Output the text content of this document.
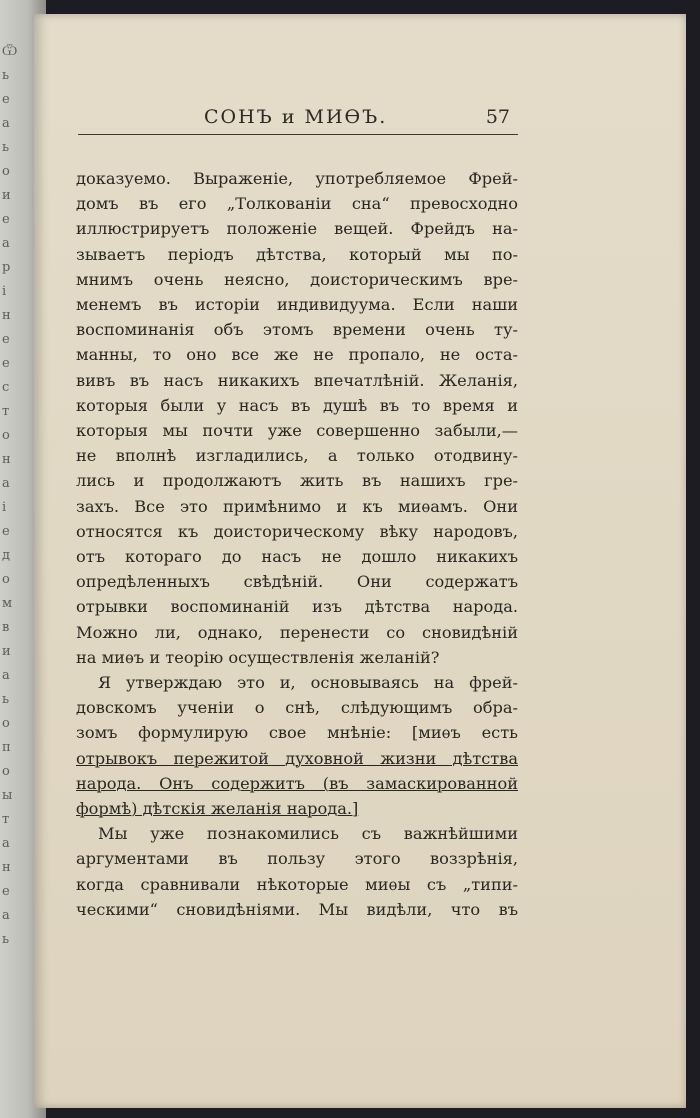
Ѿ
ь
е
а
ь
о
и
е
а
р
і
н
е
е
с
т
о
н
а
і
е
д
о
м
в
и
а
ь
о
п
о
ы
т
а
н
е
а
ь
СОНЪ и МИѲЪ.	57
доказуемо. Выраженіе, употребляемое Фрей-
домъ въ его „Толкованіи сна“ превосходно
иллюстрируетъ положеніе вещей. Фрейдъ на-
зываетъ періодъ дѣтства, который мы по-
мнимъ очень неясно, доисторическимъ вре-
менемъ въ исторіи индивидуума. Если наши
воспоминанія объ этомъ времени очень ту-
манны, то оно все же не пропало, не оста-
вивъ въ насъ никакихъ впечатлѣній. Желанія,
которыя были у насъ въ душѣ въ то время и
которыя мы почти уже совершенно забыли,—
не вполнѣ изгладились, а только отодвину-
лись и продолжаютъ жить въ нашихъ гре-
захъ. Все это примѣнимо и къ миѳамъ. Они
относятся къ доисторическому вѣку народовъ,
отъ котораго до насъ не дошло никакихъ
опредѣленныхъ свѣдѣній. Они содержатъ
отрывки воспоминаній изъ дѣтства народа.
Можно ли, однако, перенести со сновидѣній
на миѳъ и теорію осуществленія желаній?
Я утверждаю это и, основываясь на фрей-
довскомъ ученіи о снѣ, слѣдующимъ обра-
зомъ формулирую свое мнѣніе: [миѳъ есть
отрывокъ пережитой духовной жизни дѣтства
народа. Онъ содержитъ (въ замаскированной
формѣ) дѣтскія желанія народа.]
Мы уже познакомились съ важнѣйшими
аргументами въ пользу этого воззрѣнія,
когда сравнивали нѣкоторые миѳы съ „типи-
ческими“ сновидѣніями. Мы видѣли, что въ
